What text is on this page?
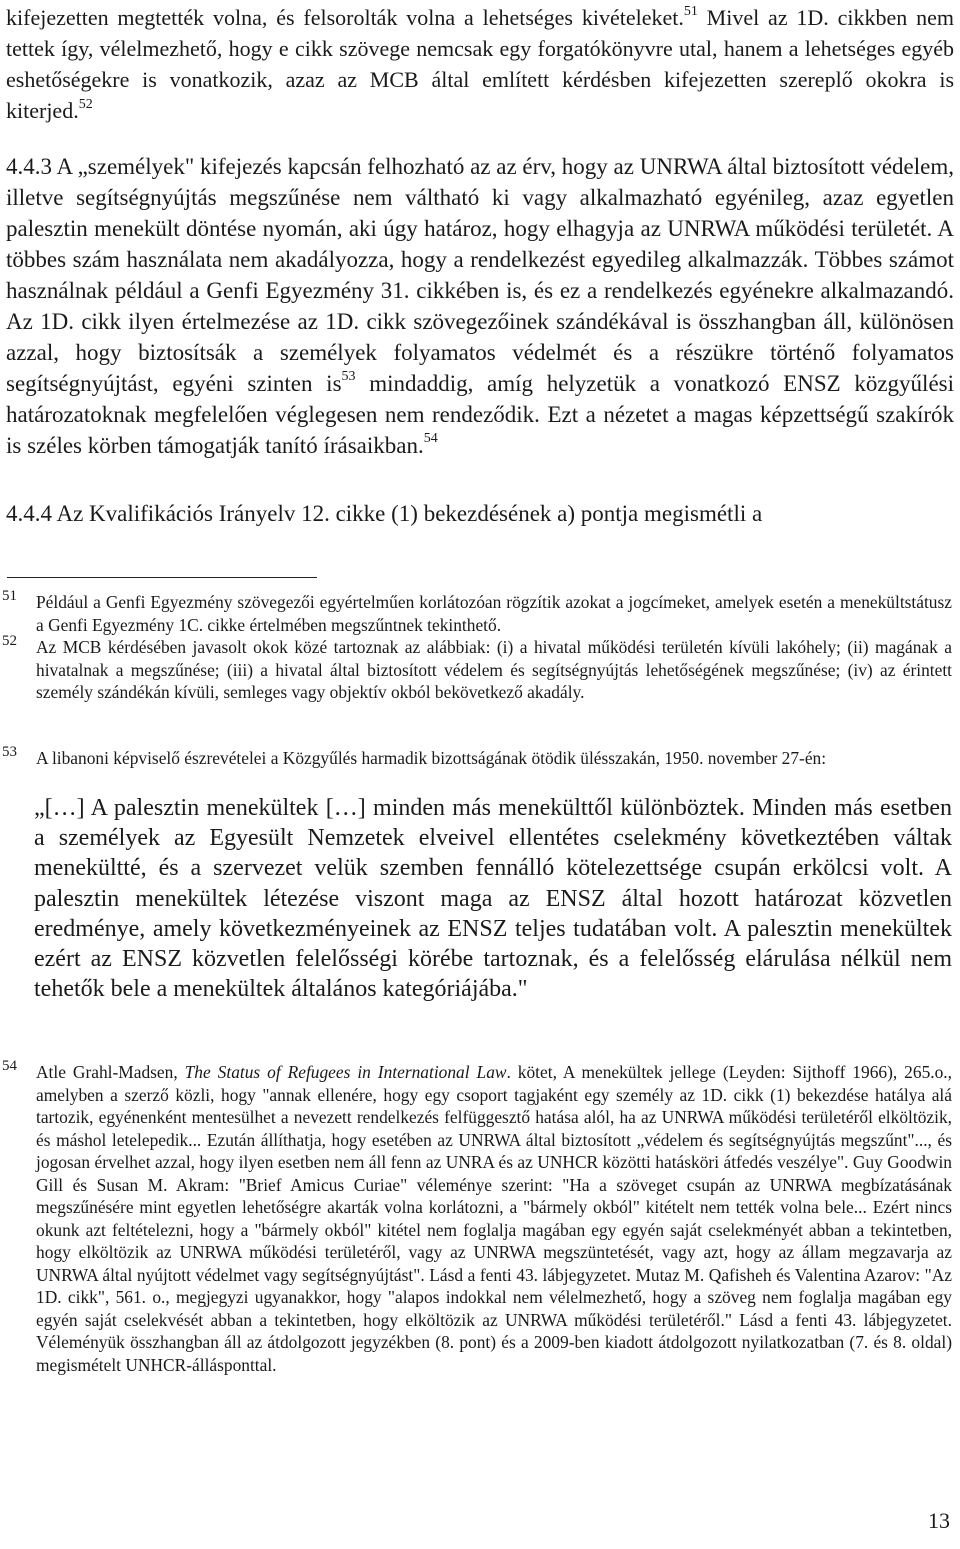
kifejezetten megtették volna, és felsorolták volna a lehetséges kivételeket.$^{51}$ Mivel az 1D. cikkben nem tettek így, vélelmezhető, hogy e cikk szövege nemcsak egy forgatókönyvre utal, hanem a lehetséges egyéb eshetőségekre is vonatkozik, azaz az MCB által említett kérdésben kifejezetten szereplő okokra is kiterjed.$^{52}$

4.4.3 A „személyek" kifejezés kapcsán felhozható az az érv, hogy az UNRWA által biztosított védelem, illetve segítségnyújtás megszűnése nem váltható ki vagy alkalmazható egyénileg, azaz egyetlen palesztin menekült döntése nyomán, aki úgy határoz, hogy elhagyja az UNRWA működési területét. A többes szám használata nem akadályozza, hogy a rendelkezést egyedileg alkalmazzák. Többes számot használnak például a Genfi Egyezmény 31. cikkében is, és ez a rendelkezés egyénekre alkalmazandó. Az 1D. cikk ilyen értelmezése az 1D. cikk szövegezőinek szándékával is összhangban áll, különösen azzal, hogy biztosítsák a személyek folyamatos védelmét és a részükre történő folyamatos segítségnyújtást, egyéni szinten $is^{53}$ mindaddig, amíg helyzetük a vonatkozó ENSZ közgyűlési határozatoknak megfelelően véglegesen nem rendeződik. Ezt a nézetet a magas képzettségű szakírók is széles körben támogatják tanító írásaikban.$^{54}$

4.4.4 Az Kvalifikációs Irányelv 12. cikke (1) bekezdésének a) pontja megismétli a

51 Például a Genfi Egyezmény szövegezői egyértelműen korlátozóan rögzítik azokat a jogcímeket, amelyek esetén a menekültstátusz a Genfi Egyezmény 1C. cikke értelmében megszűntnek tekinthető.

52 Az MCB kérdésében javasolt okok közé tartoznak az alábbiak: (i) a hivatal működési területén kívüli lakóhely; (ii) magának a hivatalnak a megszűnése; (iii) a hivatal által biztosított védelem és segítségnyújtás lehetőségének megszűnése; (iv) az érintett személy szándékán kívüli, semleges vagy objektív okból bekövetkező akadály.

53 A libanoni képviselő észrevételei a Közgyűlés harmadik bizottságának ötödik ülésszakán, 1950. november 27-én:

„[…] A palesztin menekültek […] minden más menekülttől különböztek. Minden más esetben a személyek az Egyesült Nemzetek elveivel ellentétes cselekmény következtében váltak menekültté, és a szervezet velük szemben fennálló kötelezettsége csupán erkölcsi volt. A palesztin menekültek létezése viszont maga az ENSZ által hozott határozat közvetlen eredménye, amely következményeinek az ENSZ teljes tudatában volt. A palesztin menekültek ezért az ENSZ közvetlen felelősségi körébe tartoznak, és a felelősség elárulása nélkül nem tehetők bele a menekültek általános kategóriájába."

54 Atle Grahl-Madsen, The Status of Refugees in International Law. kötet, A menekültek jellege (Leyden: Sijthoff 1966), 265.o., amelyben a szerző közli, hogy "annak ellenére, hogy egy csoport tagjaként egy személy az 1D. cikk (1) bekezdése hatálya alá tartozik, egyénenként mentesülhet a nevezett rendelkezés felfüggesztő hatása alól, ha az UNRWA működési területéről elköltözik, és máshol letelepedik... Ezután állíthatja, hogy esetében az UNRWA által biztosított „védelem és segítségnyújtás megszűnt"..., és jogosan érvelhet azzal, hogy ilyen esetben nem áll fenn az UNRA és az UNHCR közötti hatásköri átfedés veszélye". Guy Goodwin Gill és Susan M. Akram: "Brief Amicus Curiae" véleménye szerint: "Ha a szöveget csupán az UNRWA megbízatásának megszűnésére mint egyetlen lehetőségre akarták volna korlátozni, a "bármely okból" kitételt nem tették volna bele... Ezért nincs okunk azt feltételezni, hogy a "bármely okból" kitétel nem foglalja magában egy egyén saját cselekményét abban a tekintetben, hogy elköltözik az UNRWA működési területéről, vagy az UNRWA megszüntetését, vagy azt, hogy az állam megzavarja az UNRWA által nyújtott védelmet vagy segítségnyújtást". Lásd a fenti 43. lábjegyzetet. Mutaz M. Qafisheh és Valentina Azarov: "Az 1D. cikk", 561. o., megjegyzi ugyanakkor, hogy "alapos indokkal nem vélelmezhető, hogy a szöveg nem foglalja magában egy egyén saját cselekvését abban a tekintetben, hogy elköltözik az UNRWA működési területéről." Lásd a fenti 43. lábjegyzetet. Véleményük összhangban áll az átdolgozott jegyzékben (8. pont) és a 2009-ben kiadott átdolgozott nyilatkozatban (7. és 8. oldal) megismételt UNHCR-állásponttal.

13
